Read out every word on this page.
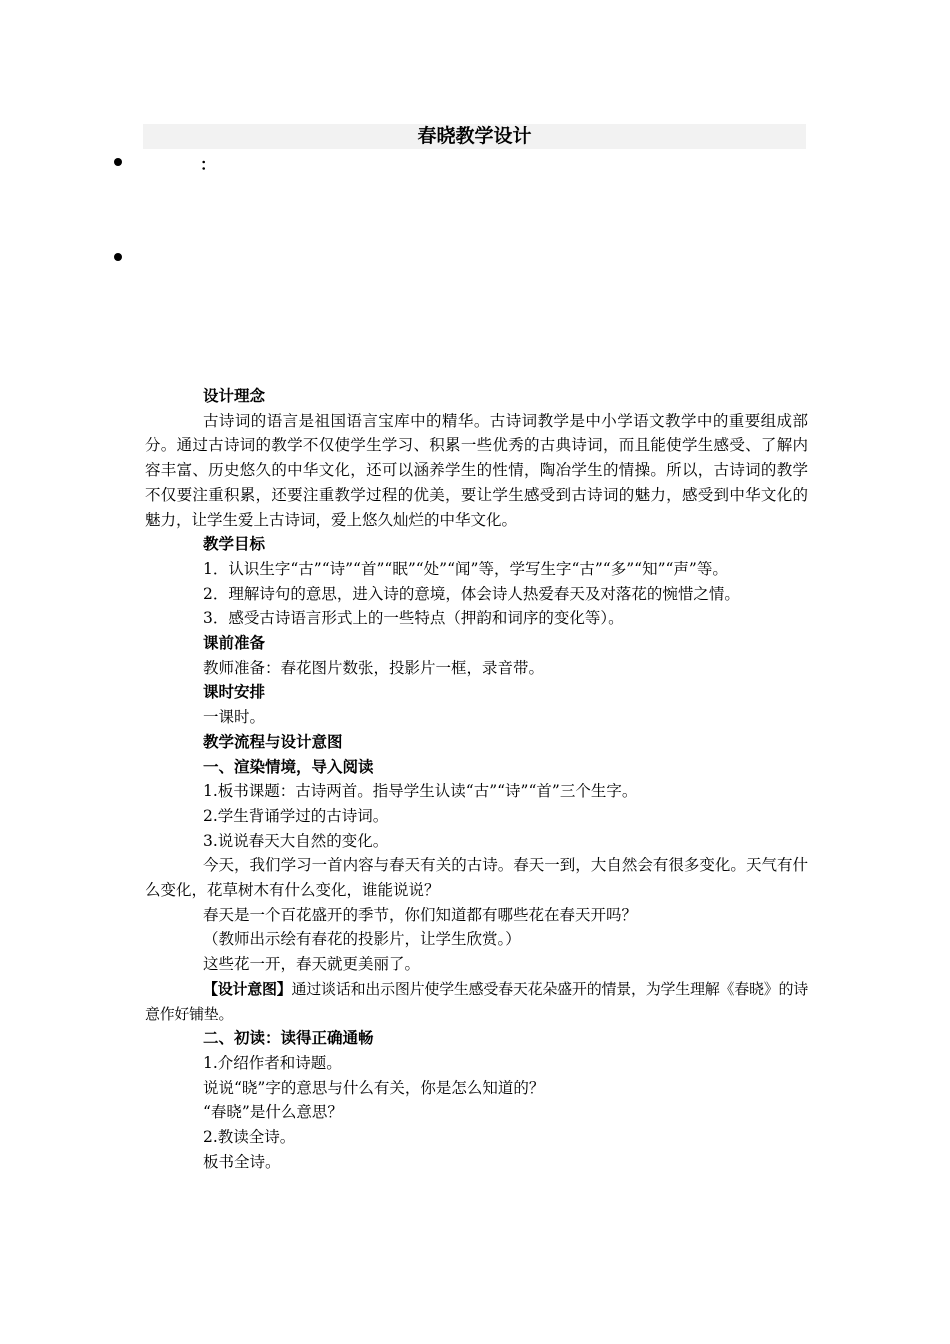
春晓教学设计
：

设计理念

古诗词的语言是祖国语言宝库中的精华。古诗词教学是中小学语文教学中的重要组成部分。通过古诗词的教学不仅使学生学习、积累一些优秀的古典诗词，而且能使学生感受、了解内容丰富、历史悠久的中华文化，还可以涵养学生的性情，陶冶学生的情操。所以，古诗词的教学不仅要注重积累，还要注重教学过程的优美，要让学生感受到古诗词的魅力，感受到中华文化的魅力，让学生爱上古诗词，爱上悠久灿烂的中华文化。

教学目标

1．认识生字“古”“诗”“首”“眠”“处”“闻”等，学写生字“古”“多”“知”“声”等。

2．理解诗句的意思，进入诗的意境，体会诗人热爱春天及对落花的惋惜之情。

3．感受古诗语言形式上的一些特点（押韵和词序的变化等）。

课前准备

教师准备：春花图片数张，投影片一框，录音带。

课时安排

一课时。

教学流程与设计意图

一、渲染情境，导入阅读

1.板书课题：古诗两首。指导学生认读“古”“诗”“首”三个生字。

2.学生背诵学过的古诗词。

3.说说春天大自然的变化。

今天，我们学习一首内容与春天有关的古诗。春天一到，大自然会有很多变化。天气有什么变化，花草树木有什么变化，谁能说说？

春天是一个百花盛开的季节，你们知道都有哪些花在春天开吗？

（教师出示绘有春花的投影片，让学生欣赏。）

这些花一开，春天就更美丽了。

【设计意图】通过谈话和出示图片使学生感受春天花朵盛开的情景，为学生理解《春晓》的诗意作好铺垫。

二、初读：读得正确通畅

1.介绍作者和诗题。

说说“晓”字的意思与什么有关，你是怎么知道的？

“春晓”是什么意思？

2.教读全诗。

板书全诗。
